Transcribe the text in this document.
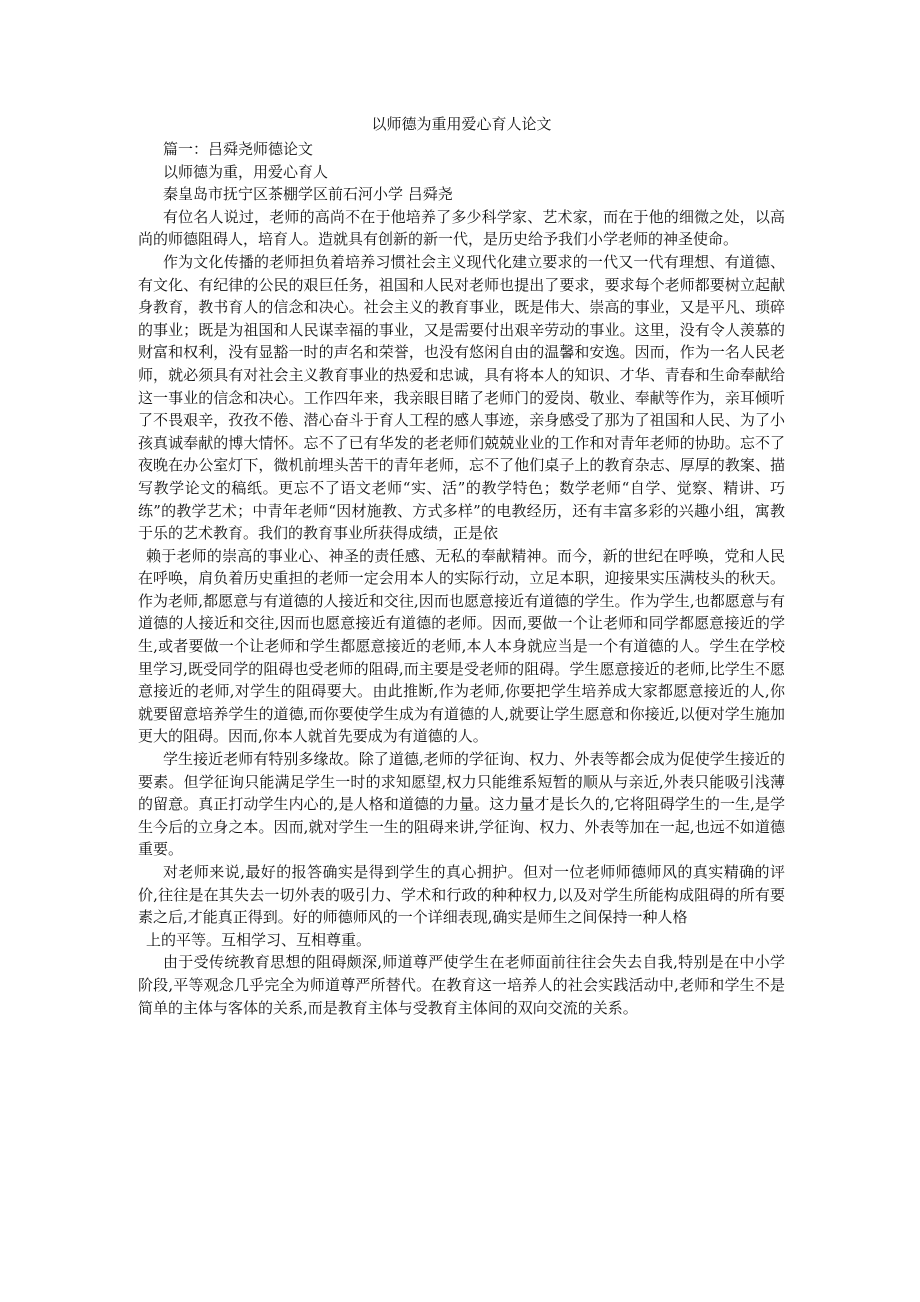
以师德为重用爱心育人论文
篇一：吕舜尧师德论文
以师德为重，用爱心育人
秦皇岛市抚宁区茶棚学区前石河小学 吕舜尧

有位名人说过，老师的高尚不在于他培养了多少科学家、艺术家，而在于他的细微之处，以高尚的师德阻碍人，培育人。造就具有创新的新一代，是历史给予我们小学老师的神圣使命。

作为文化传播的老师担负着培养习惯社会主义现代化建立要求的一代又一代有理想、有道德、有文化、有纪律的公民的艰巨任务，祖国和人民对老师也提出了要求，要求每个老师都要树立起献身教育，教书育人的信念和决心。社会主义的教育事业，既是伟大、崇高的事业，又是平凡、琐碎的事业；既是为祖国和人民谋幸福的事业，又是需要付出艰辛劳动的事业。这里，没有令人羡慕的财富和权利，没有显豁一时的声名和荣誉，也没有悠闲自由的温馨和安逸。因而，作为一名人民老师，就必须具有对社会主义教育事业的热爱和忠诚，具有将本人的知识、才华、青春和生命奉献给这一事业的信念和决心。工作四年来，我亲眼目睹了老师门的爱岗、敬业、奉献等作为，亲耳倾听了不畏艰辛，孜孜不倦、潜心奋斗于育人工程的感人事迹，亲身感受了那为了祖国和人民、为了小孩真诚奉献的博大情怀。忘不了已有华发的老老师们兢兢业业的工作和对青年老师的协助。忘不了夜晚在办公室灯下，微机前埋头苦干的青年老师，忘不了他们桌子上的教育杂志、厚厚的教案、描写教学论文的稿纸。更忘不了语文老师“实、活”的教学特色；数学老师“自学、觉察、精讲、巧练”的教学艺术；中青年老师“因材施教、方式多样”的电教经历，还有丰富多彩的兴趣小组，寓教于乐的艺术教育。我们的教育事业所获得成绩，正是依

赖于老师的崇高的事业心、神圣的责任感、无私的奉献精神。而今，新的世纪在呼唤，党和人民在呼唤，肩负着历史重担的老师一定会用本人的实际行动，立足本职，迎接果实压满枝头的秋天。作为老师,都愿意与有道德的人接近和交往,因而也愿意接近有道德的学生。作为学生,也都愿意与有道德的人接近和交往,因而也愿意接近有道德的老师。因而,要做一个让老师和同学都愿意接近的学生,或者要做一个让老师和学生都愿意接近的老师,本人本身就应当是一个有道德的人。学生在学校里学习,既受同学的阻碍也受老师的阻碍,而主要是受老师的阻碍。学生愿意接近的老师,比学生不愿意接近的老师,对学生的阻碍要大。由此推断,作为老师,你要把学生培养成大家都愿意接近的人,你就要留意培养学生的道德,而你要使学生成为有道德的人,就要让学生愿意和你接近,以便对学生施加更大的阻碍。因而,你本人就首先要成为有道德的人。

学生接近老师有特别多缘故。除了道德,老师的学征询、权力、外表等都会成为促使学生接近的要素。但学征询只能满足学生一时的求知愿望,权力只能维系短暂的顺从与亲近,外表只能吸引浅薄的留意。真正打动学生内心的,是人格和道德的力量。这力量才是长久的,它将阻碍学生的一生,是学生今后的立身之本。因而,就对学生一生的阻碍来讲,学征询、权力、外表等加在一起,也远不如道德重要。

对老师来说,最好的报答确实是得到学生的真心拥护。但对一位老师师德师风的真实精确的评价,往往是在其失去一切外表的吸引力、学术和行政的种种权力,以及对学生所能构成阻碍的所有要素之后,才能真正得到。好的师德师风的一个详细表现,确实是师生之间保持一种人格

上的平等。互相学习、互相尊重。

由于受传统教育思想的阻碍颇深,师道尊严使学生在老师面前往往会失去自我,特别是在中小学阶段,平等观念几乎完全为师道尊严所替代。在教育这一培养人的社会实践活动中,老师和学生不是简单的主体与客体的关系,而是教育主体与受教育主体间的双向交流的关系。
